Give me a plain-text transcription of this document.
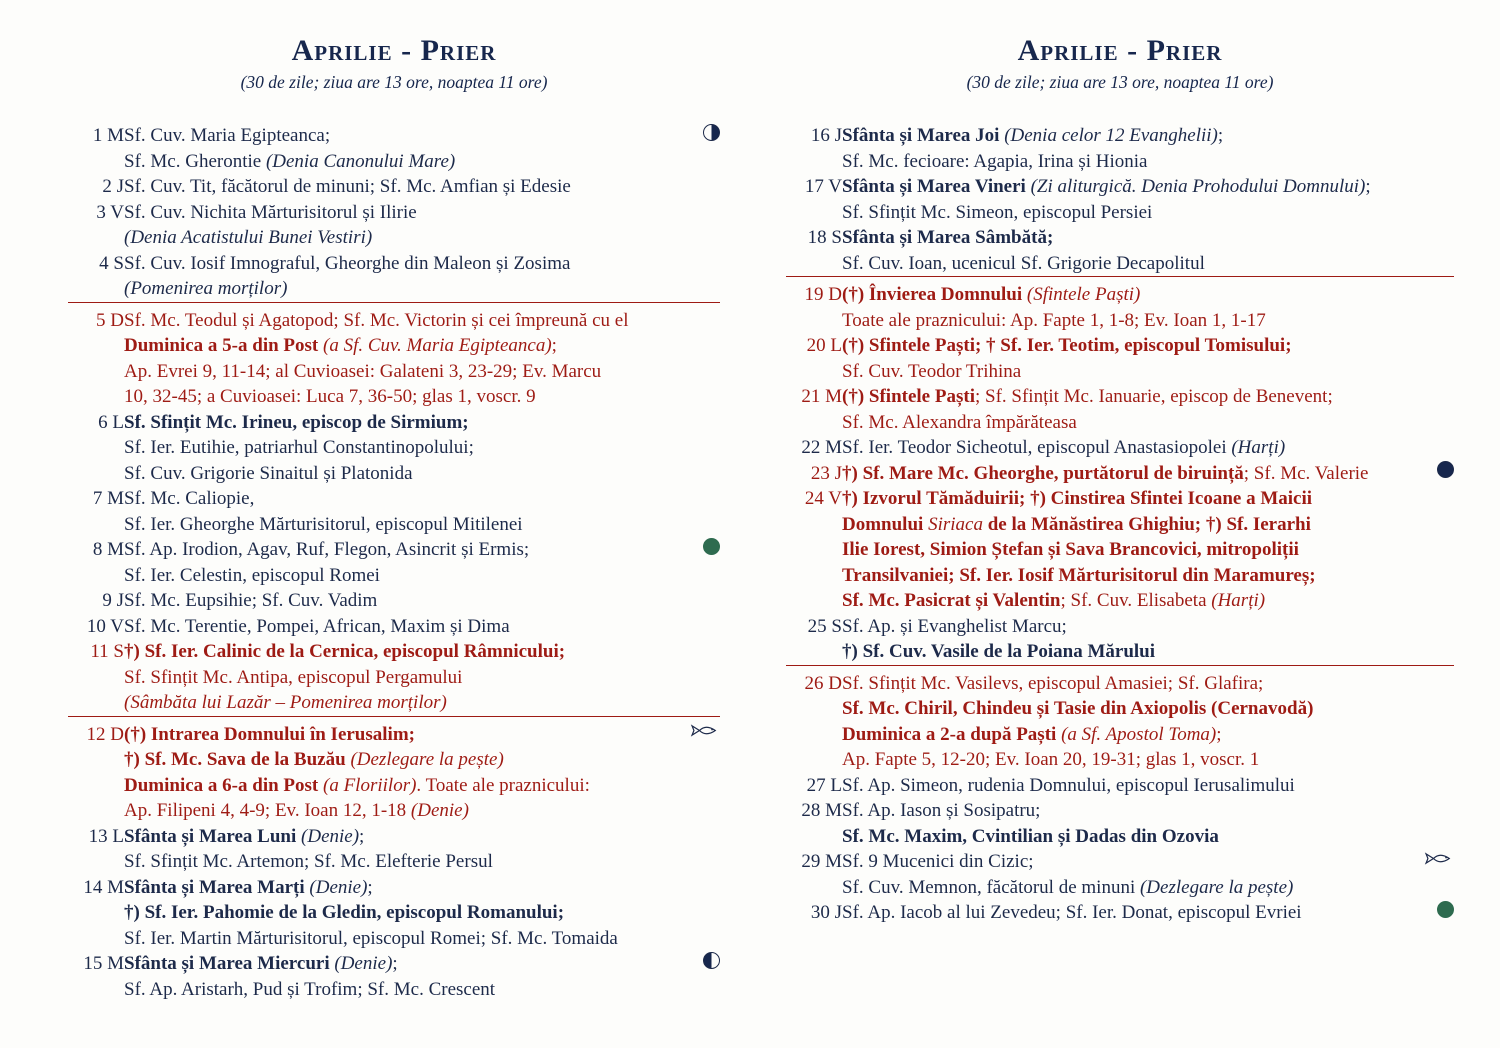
Aprilie - Prier
(30 de zile; ziua are 13 ore, noaptea 11 ore)
1 M	Sf. Cuv. Maria Egipteanca;
Sf. Mc. Gherontie (Denia Canonului Mare)	

2 J	Sf. Cuv. Tit, făcătorul de minuni; Sf. Mc. Amfian și Edesie	

3 V	Sf. Cuv. Nichita Mărturisitorul și Ilirie
(Denia Acatistului Bunei Vestiri)	

4 S	Sf. Cuv. Iosif Imnograful, Gheorghe din Maleon și Zosima
(Pomenirea morților)	

5 D	Sf. Mc. Teodul și Agatopod; Sf. Mc. Victorin și cei împreună cu el
Duminica a 5-a din Post (a Sf. Cuv. Maria Egipteanca);
Ap. Evrei 9, 11-14; al Cuvioasei: Galateni 3, 23-29; Ev. Marcu
10, 32-45; a Cuvioasei: Luca 7, 36-50; glas 1, voscr. 9	

6 L	Sf. Sfințit Mc. Irineu, episcop de Sirmium;
Sf. Ier. Eutihie, patriarhul Constantinopolului;
Sf. Cuv. Grigorie Sinaitul și Platonida	

7 M	Sf. Mc. Caliopie,
Sf. Ier. Gheorghe Mărturisitorul, episcopul Mitilenei	

8 M	Sf. Ap. Irodion, Agav, Ruf, Flegon, Asincrit și Ermis;
Sf. Ier. Celestin, episcopul Romei	

9 J	Sf. Mc. Eupsihie; Sf. Cuv. Vadim	

10 V	Sf. Mc. Terentie, Pompei, African, Maxim și Dima	

11 S	†) Sf. Ier. Calinic de la Cernica, episcopul Râmnicului;
Sf. Sfințit Mc. Antipa, episcopul Pergamului
(Sâmbăta lui Lazăr – Pomenirea morților)	

12 D	(†) Intrarea Domnului în Ierusalim;
†) Sf. Mc. Sava de la Buzău (Dezlegare la pește)
Duminica a 6-a din Post (a Floriilor). Toate ale praznicului:
Ap. Filipeni 4, 4-9; Ev. Ioan 12, 1-18 (Denie)

13 L	Sfânta și Marea Luni (Denie);
Sf. Sfințit Mc. Artemon; Sf. Mc. Elefterie Persul	

14 M	Sfânta și Marea Marți (Denie);
†) Sf. Ier. Pahomie de la Gledin, episcopul Romanului;
Sf. Ier. Martin Mărturisitorul, episcopul Romei; Sf. Mc. Tomaida	

15 M	Sfânta și Marea Miercuri (Denie);
Sf. Ap. Aristarh, Pud și Trofim; Sf. Mc. Crescent	

Aprilie - Prier
(30 de zile; ziua are 13 ore, noaptea 11 ore)
16 J	Sfânta și Marea Joi (Denia celor 12 Evanghelii);
Sf. Mc. fecioare: Agapia, Irina și Hionia	

17 V	Sfânta și Marea Vineri (Zi aliturgică. Denia Prohodului Domnului);
Sf. Sfințit Mc. Simeon, episcopul Persiei	

18 S	Sfânta și Marea Sâmbătă;
Sf. Cuv. Ioan, ucenicul Sf. Grigorie Decapolitul	

19 D	(†) Învierea Domnului (Sfintele Paști)
Toate ale praznicului: Ap. Fapte 1, 1-8; Ev. Ioan 1, 1-17	

20 L	(†) Sfintele Paști; † Sf. Ier. Teotim, episcopul Tomisului;
Sf. Cuv. Teodor Trihina	

21 M	(†) Sfintele Paști; Sf. Sfințit Mc. Ianuarie, episcop de Benevent;
Sf. Mc. Alexandra împărăteasa	

22 M	Sf. Ier. Teodor Sicheotul, episcopul Anastasiopolei (Harți)	

23 J	†) Sf. Mare Mc. Gheorghe, purtătorul de biruință; Sf. Mc. Valerie	

24 V	†) Izvorul Tămăduirii; †) Cinstirea Sfintei Icoane a Maicii
Domnului Siriaca de la Mănăstirea Ghighiu; †) Sf. Ierarhi
Ilie Iorest, Simion Ștefan și Sava Brancovici, mitropoliții
Transilvaniei; Sf. Ier. Iosif Mărturisitorul din Maramureș;
Sf. Mc. Pasicrat și Valentin; Sf. Cuv. Elisabeta (Harți)	

25 S	Sf. Ap. și Evanghelist Marcu;
†) Sf. Cuv. Vasile de la Poiana Mărului	

26 D	Sf. Sfințit Mc. Vasilevs, episcopul Amasiei; Sf. Glafira;
Sf. Mc. Chiril, Chindeu și Tasie din Axiopolis (Cernavodă)
Duminica a 2-a după Paști (a Sf. Apostol Toma);
Ap. Fapte 5, 12-20; Ev. Ioan 20, 19-31; glas 1, voscr. 1	

27 L	Sf. Ap. Simeon, rudenia Domnului, episcopul Ierusalimului	

28 M	Sf. Ap. Iason și Sosipatru;
Sf. Mc. Maxim, Cvintilian și Dadas din Ozovia	

29 M	Sf. 9 Mucenici din Cizic;
Sf. Cuv. Memnon, făcătorul de minuni (Dezlegare la pește)

30 J	Sf. Ap. Iacob al lui Zevedeu; Sf. Ier. Donat, episcopul Evriei	
